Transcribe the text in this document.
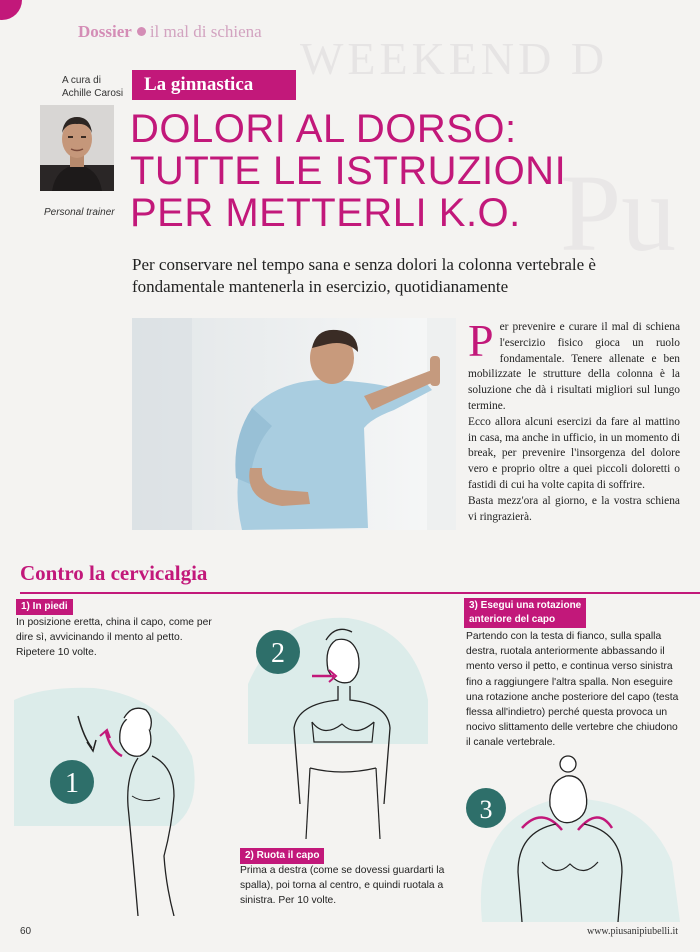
Dossier il mal di schiena
WEEKEND D
Pu
A cura di
Achille Carosi
Personal trainer
La ginnastica
DOLORI AL DORSO:
TUTTE LE ISTRUZIONI
PER METTERLI K.O.
Per conservare nel tempo sana e senza dolori la colonna vertebrale è fondamentale mantenerla in esercizio, quotidianamente
P er prevenire e curare il mal di schiena l'esercizio fisico gioca un ruolo fondamentale. Tenere allenate e ben mobilizzate le strutture della colonna è la soluzione che dà i risultati migliori sul lungo termine.

Ecco allora alcuni esercizi da fare al mattino in casa, ma anche in ufficio, in un momento di break, per prevenire l'insorgenza del dolore vero e proprio oltre a quei piccoli doloretti o fastidi di cui ha volte capita di soffrire.

Basta mezz'ora al giorno, e la vostra schiena vi ringrazierà.

Contro la cervicalgia
1) In piedi
In posizione eretta, china il capo, come per dire sì, avvicinando il mento al petto. Ripetere 10 volte.
3) Esegui una rotazione
anteriore del capo
Partendo con la testa di fianco, sulla spalla destra, ruotala anteriormente abbassando il mento verso il petto, e continua verso sinistra fino a raggiungere l'altra spalla. Non eseguire una rotazione anche posteriore del capo (testa flessa all'indietro) perché questa provoca un nocivo slittamento delle vertebre che chiudono il canale vertebrale.
1
2
2) Ruota il capo
Prima a destra (come se dovessi guardarti la spalla), poi torna al centro, e quindi ruotala a sinistra. Per 10 volte.
3
60	www.piusanipiubelli.it
